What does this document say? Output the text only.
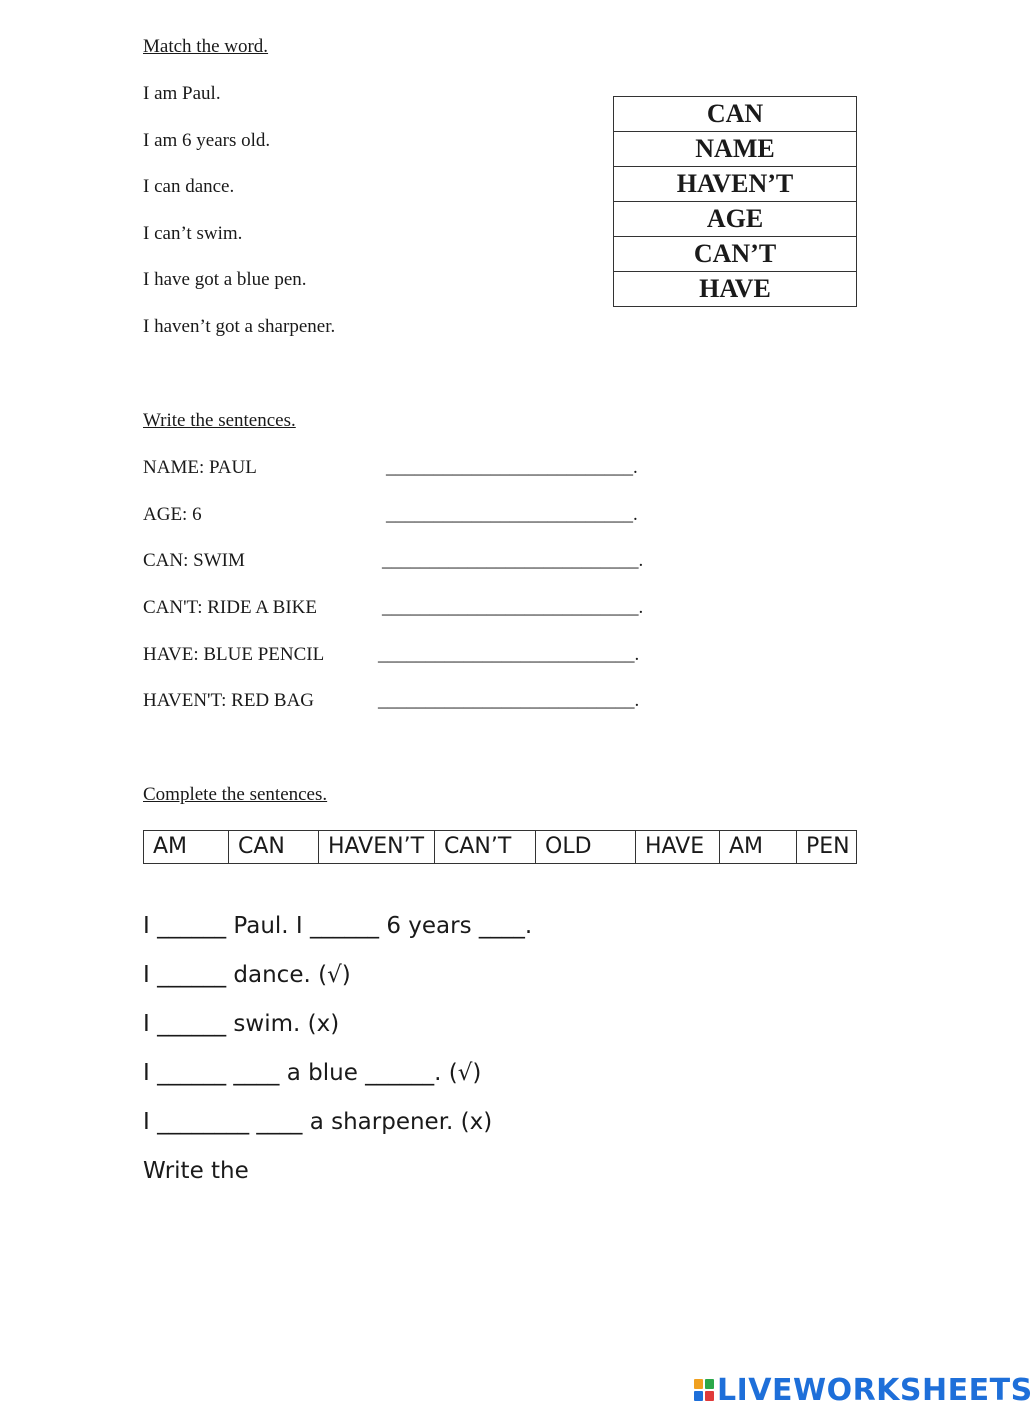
Match the word.
I am Paul.
I am 6 years old.
I can dance.
I can’t swim.
I have got a blue pen.
I haven’t got a sharpener.
CAN
NAME
HAVEN’T
AGE
CAN’T
HAVE
Write the sentences.
NAME: PAUL	__________________________.
AGE: 6	__________________________.
CAN: SWIM	___________________________.
CAN'T: RIDE A BIKE	___________________________.
HAVE: BLUE PENCIL	___________________________.
HAVEN'T: RED BAG	___________________________.
Complete the sentences.
AM	CAN	HAVEN’T	CAN’T	OLD	HAVE	AM	PEN
I ______ Paul. I ______ 6 years ____.
I ______ dance. (√)
I ______ swim. (x)
I ______ ____ a blue ______. (√)
I ________ ____ a sharpener. (x)
Write the
LIVEWORKSHEETS
